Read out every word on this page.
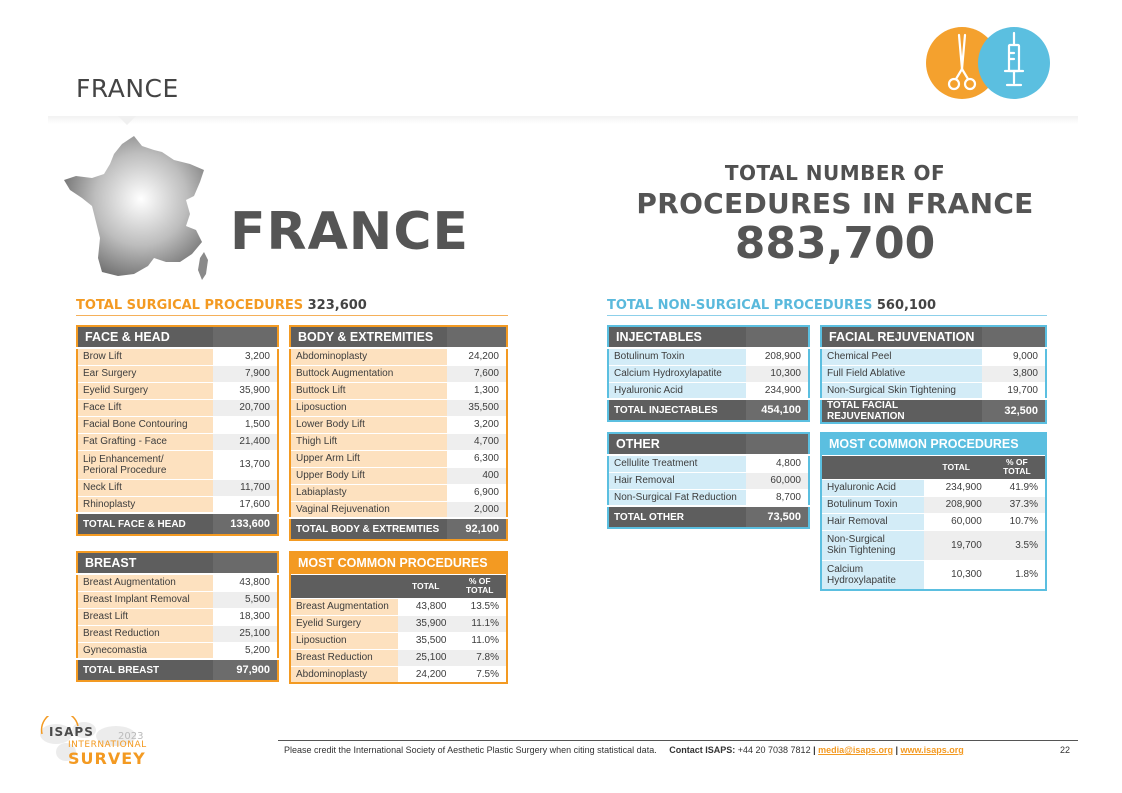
FRANCE
FRANCE
TOTAL NUMBER OF
PROCEDURES IN FRANCE
883,700
TOTAL SURGICAL PROCEDURES 323,600	TOTAL NON-SURGICAL PROCEDURES 560,100
FACE & HEAD	
Brow Lift	3,200
Ear Surgery	7,900
Eyelid Surgery	35,900
Face Lift	20,700
Facial Bone Contouring	1,500
Fat Grafting - Face	21,400
Lip Enhancement/ Perioral Procedure	13,700
Neck Lift	11,700
Rhinoplasty	17,600
TOTAL FACE & HEAD	133,600
BODY & EXTREMITIES	
Abdominoplasty	24,200
Buttock Augmentation	7,600
Buttock Lift	1,300
Liposuction	35,500
Lower Body Lift	3,200
Thigh Lift	4,700
Upper Arm Lift	6,300
Upper Body Lift	400
Labiaplasty	6,900
Vaginal Rejuvenation	2,000
TOTAL BODY & EXTREMITIES	92,100
BREAST	
Breast Augmentation	43,800
Breast Implant Removal	5,500
Breast Lift	18,300
Breast Reduction	25,100
Gynecomastia	5,200
TOTAL BREAST	97,900
MOST COMMON PROCEDURES		
	TOTAL	% OF
TOTAL
Breast Augmentation	43,800	13.5%
Eyelid Surgery	35,900	11.1%
Liposuction	35,500	11.0%
Breast Reduction	25,100	7.8%
Abdominoplasty	24,200	7.5%
INJECTABLES	
Botulinum Toxin	208,900
Calcium Hydroxylapatite	10,300
Hyaluronic Acid	234,900
TOTAL INJECTABLES	454,100
FACIAL REJUVENATION	
Chemical Peel	9,000
Full Field Ablative	3,800
Non-Surgical Skin Tightening	19,700
TOTAL FACIAL REJUVENATION	32,500
OTHER	
Cellulite Treatment	4,800
Hair Removal	60,000
Non-Surgical Fat Reduction	8,700
TOTAL OTHER	73,500
MOST COMMON PROCEDURES		
	TOTAL	% OF
TOTAL
Hyaluronic Acid	234,900	41.9%
Botulinum Toxin	208,900	37.3%
Hair Removal	60,000	10.7%
Non-Surgical Skin Tightening	19,700	3.5%
Calcium Hydroxylapatite	10,300	1.8%
ISAPS 2023
INTERNATIONAL
SURVEY	Please credit the International Society of Aesthetic Plastic Surgery when citing statistical data. Contact ISAPS: +44 20 7038 7812 | media@isaps.org | www.isaps.org	22
